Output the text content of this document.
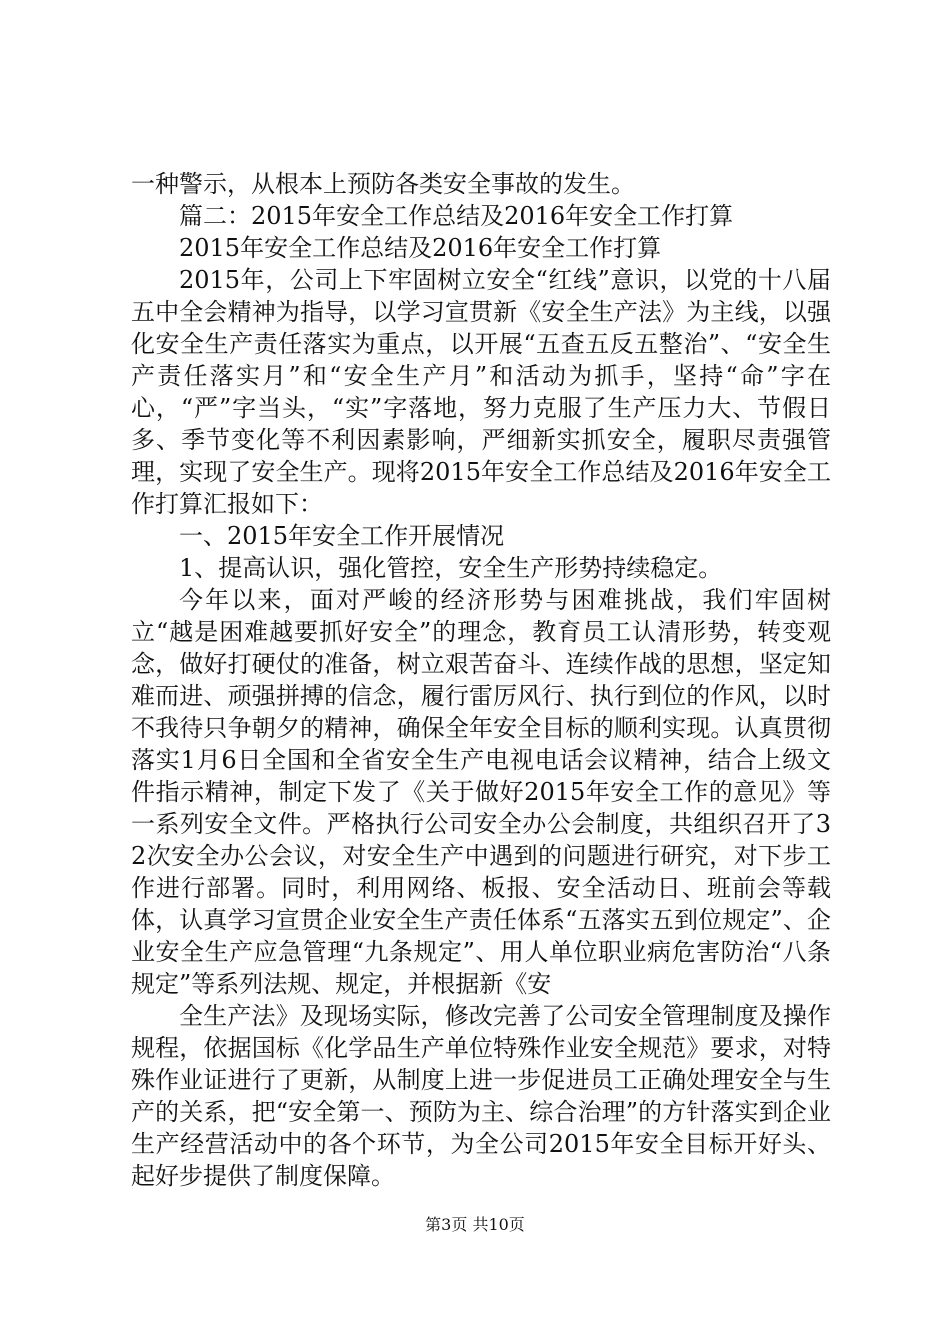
一种警示，从根本上预防各类安全事故的发生。

篇二：2015年安全工作总结及2016年安全工作打算

2015年安全工作总结及2016年安全工作打算

2015年，公司上下牢固树立安全“红线”意识，以党的十八届五中全会精神为指导，以学习宣贯新《安全生产法》为主线，以强化安全生产责任落实为重点，以开展“五查五反五整治”、“安全生产责任落实月”和“安全生产月”和活动为抓手，坚持“命”字在心，“严”字当头，“实”字落地，努力克服了生产压力大、节假日多、季节变化等不利因素影响，严细新实抓安全，履职尽责强管理，实现了安全生产。现将2015年安全工作总结及2016年安全工作打算汇报如下：

一、2015年安全工作开展情况

1、提高认识，强化管控，安全生产形势持续稳定。

今年以来，面对严峻的经济形势与困难挑战，我们牢固树立“越是困难越要抓好安全”的理念，教育员工认清形势，转变观念，做好打硬仗的准备，树立艰苦奋斗、连续作战的思想，坚定知难而进、顽强拼搏的信念，履行雷厉风行、执行到位的作风，以时不我待只争朝夕的精神，确保全年安全目标的顺利实现。认真贯彻落实1月6日全国和全省安全生产电视电话会议精神，结合上级文件指示精神，制定下发了《关于做好2015年安全工作的意见》等一系列安全文件。严格执行公司安全办公会制度，共组织召开了32次安全办公会议，对安全生产中遇到的问题进行研究，对下步工作进行部署。同时，利用网络、板报、安全活动日、班前会等载体，认真学习宣贯企业安全生产责任体系“五落实五到位规定”、企业安全生产应急管理“九条规定”、用人单位职业病危害防治“八条规定”等系列法规、规定，并根据新《安

全生产法》及现场实际，修改完善了公司安全管理制度及操作规程，依据国标《化学品生产单位特殊作业安全规范》要求，对特殊作业证进行了更新，从制度上进一步促进员工正确处理安全与生产的关系，把“安全第一、预防为主、综合治理”的方针落实到企业生产经营活动中的各个环节，为全公司2015年安全目标开好头、起好步提供了制度保障。

第3页 共10页
